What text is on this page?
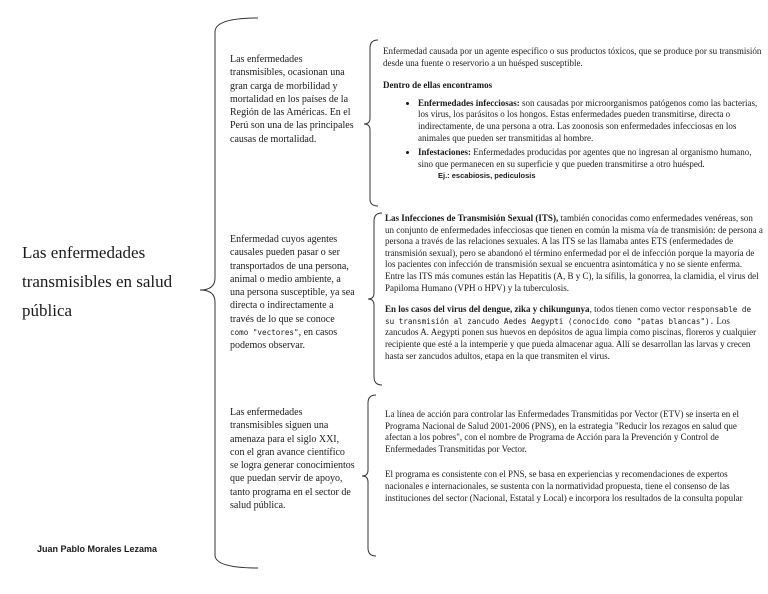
Las enfermedades transmisibles en salud pública
Juan Pablo Morales Lezama
Las enfermedades transmisibles, ocasionan una gran carga de morbilidad y mortalidad en los países de la Región de las Américas. En el Perú son una de las principales causas de mortalidad.

Enfermedad causada por un agente específico o sus productos tóxicos, que se produce por su transmisión desde una fuente o reservorio a un huésped susceptible.

Dentro de ellas encontramos

• Enfermedades infecciosas: son causadas por microorganismos patógenos como las bacterias, los virus, los parásitos o los hongos. Estas enfermedades pueden transmitirse, directa o indirectamente, de una persona a otra. Las zoonosis son enfermedades infecciosas en los animales que pueden ser transmitidas al hombre.
• Infestaciones: Enfermedades producidas por agentes que no ingresan al organismo humano, sino que permanecen en su superficie y que pueden transmitirse a otro huésped.
Ej.: escabiosis, pediculosis
Enfermedad cuyos agentes causales pueden pasar o ser transportados de una persona, animal o medio ambiente, a una persona susceptible, ya sea directa o indirectamente a través de lo que se conoce como "vectores", en casos podemos observar.

Las Infecciones de Transmisión Sexual (ITS), también conocidas como enfermedades venéreas, son un conjunto de enfermedades infecciosas que tienen en común la misma vía de transmisión: de persona a persona a través de las relaciones sexuales. A las ITS se las llamaba antes ETS (enfermedades de transmisión sexual), pero se abandonó el término enfermedad por el de infección porque la mayoría de los pacientes con infección de transmisión sexual se encuentra asintomática y no se siente enferma.

Entre las ITS más comunes están las Hepatitis (A, B y C), la sífilis, la gonorrea, la clamidia, el virus del Papiloma Humano (VPH o HPV) y la tuberculosis.

En los casos del virus del dengue, zika y chikungunya, todos tienen como vector responsable de su transmisión al zancudo Aedes Aegypti (conocido como "patas blancas"). Los zancudos A. Aegypti ponen sus huevos en depósitos de agua limpia como piscinas, floreros y cualquier recipiente que esté a la intemperie y que pueda almacenar agua. Allí se desarrollan las larvas y crecen hasta ser zancudos adultos, etapa en la que transmiten el virus.

Las enfermedades transmisibles siguen una amenaza para el siglo XXI, con el gran avance científico se logra generar conocimientos que puedan servir de apoyo, tanto programa en el sector de salud pública.

La línea de acción para controlar las Enfermedades Transmitidas por Vector (ETV) se inserta en el Programa Nacional de Salud 2001-2006 (PNS), en la estrategia "Reducir los rezagos en salud que afectan a los pobres", con el nombre de Programa de Acción para la Prevención y Control de Enfermedades Transmitidas por Vector.

El programa es consistente con el PNS, se basa en experiencias y recomendaciones de expertos nacionales e internacionales, se sustenta con la normatividad propuesta, tiene el consenso de las instituciones del sector (Nacional, Estatal y Local) e incorpora los resultados de la consulta popular
